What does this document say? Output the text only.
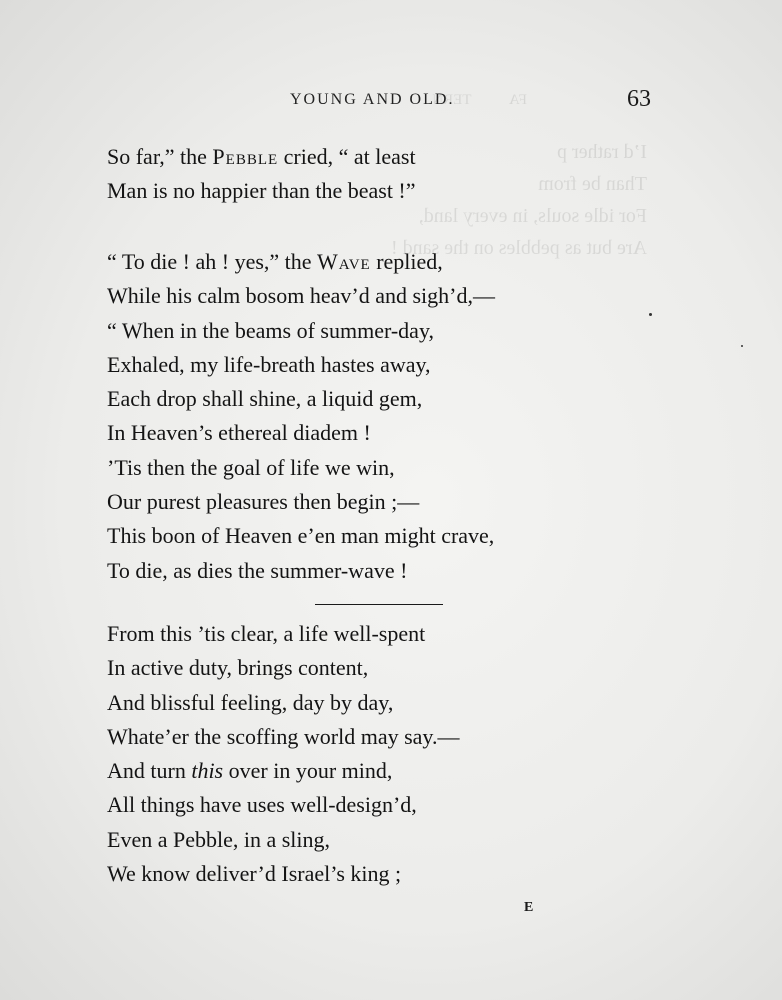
FA          TERN.
I’d rather p
Than be from
For idle souls, in every land,
Are but as pebbles on the sand !
YOUNG AND OLD.	63
So far,” the Pebble cried, “ at least
Man is no happier than the beast !”
“ To die ! ah ! yes,” the Wave replied,
While his calm bosom heav’d and sigh’d,—
“ When in the beams of summer-day,
Exhaled, my life-breath hastes away,
Each drop shall shine, a liquid gem,
In Heaven’s ethereal diadem !
’Tis then the goal of life we win,
Our purest pleasures then begin ;—
This boon of Heaven e’en man might crave,
To die, as dies the summer-wave !
From this ’tis clear, a life well-spent
In active duty, brings content,
And blissful feeling, day by day,
Whate’er the scoffing world may say.—
And turn this over in your mind,
All things have uses well-design’d,
Even a Pebble, in a sling,
We know deliver’d Israel’s king ;
E
